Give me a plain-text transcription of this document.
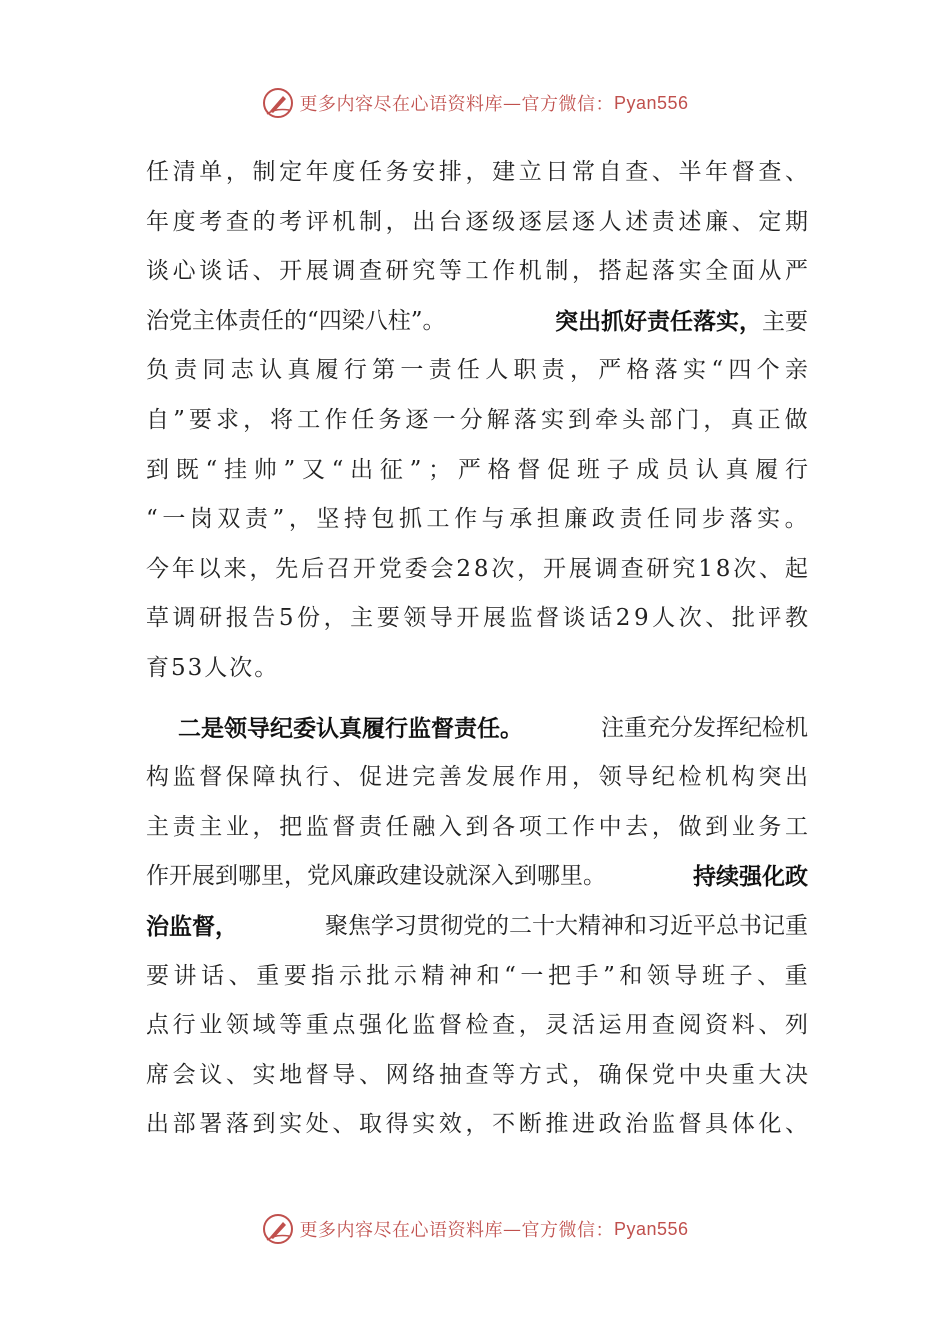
更多内容尽在心语资料库 — 官方微信： Pyan556
任 清 单 ， 制 定 年 度 任 务 安 排 ， 建 立 日 常 自 查 、 半 年 督 查 、
年 度 考 查 的 考 评 机 制 ， 出 台 逐 级 逐 层 逐 人 述 责 述 廉 、 定 期
谈 心 谈 话 、 开 展 调 查 研 究 等 工 作 机 制 ， 搭 起 落 实 全 面 从 严
治党主体责任的“四梁八柱”。	突出抓好责任落实，主要
负 责 同 志 认 真 履 行 第 一 责 任 人 职 责 ， 严 格 落 实 “ 四 个 亲
自 ” 要 求 ， 将 工 作 任 务 逐 一 分 解 落 实 到 牵 头 部 门 ， 真 正 做
到 既 “ 挂 帅 ” 又 “ 出 征 ” ； 严 格 督 促 班 子 成 员 认 真 履 行
“ 一 岗 双 责 ” ， 坚 持 包 抓 工 作 与 承 担 廉 政 责 任 同 步 落 实 。
今 年 以 来 ， 先 后 召 开 党 委 会 2 8 次 ， 开 展 调 查 研 究 1 8 次 、 起
草 调 研 报 告 5 份 ， 主 要 领 导 开 展 监 督 谈 话 2 9 人 次 、 批 评 教
育53人次。
二是领导纪委认真履行监督责任。	注重充分发挥纪检机
构 监 督 保 障 执 行 、 促 进 完 善 发 展 作 用 ， 领 导 纪 检 机 构 突 出
主 责 主 业 ， 把 监 督 责 任 融 入 到 各 项 工 作 中 去 ， 做 到 业 务 工
作开展到哪里，党风廉政建设就深入到哪里。	持续强化政
治监督，	聚焦学习贯彻党的二十大精神和习近平总书记重
要 讲 话 、 重 要 指 示 批 示 精 神 和 “ 一 把 手 ” 和 领 导 班 子 、 重
点 行 业 领 域 等 重 点 强 化 监 督 检 查 ， 灵 活 运 用 查 阅 资 料 、 列
席 会 议 、 实 地 督 导 、 网 络 抽 查 等 方 式 ， 确 保 党 中 央 重 大 决
出 部 署 落 到 实 处 、 取 得 实 效 ， 不 断 推 进 政 治 监 督 具 体 化 、
更多内容尽在心语资料库 — 官方微信： Pyan556
